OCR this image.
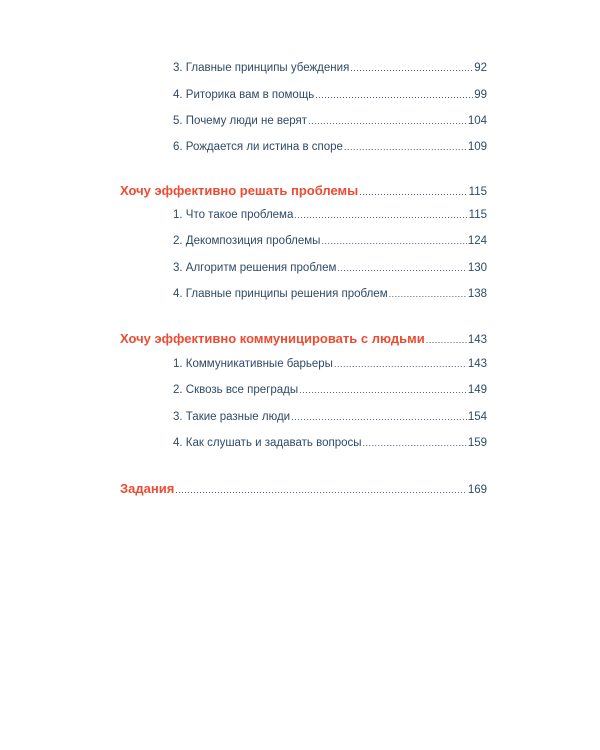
3. Главные принципы убеждения .....	92
4. Риторика вам в помощь .....	99
5. Почему люди не верят .....	104
6. Рождается ли истина в споре .....	109
Хочу эффективно решать проблемы .....	115
1. Что такое проблема .....	115
2. Декомпозиция проблемы .....	124
3. Алгоритм решения проблем .....	130
4. Главные принципы решения проблем .....	138
Хочу эффективно коммуницировать с людьми .....	143
1. Коммуникативные барьеры .....	143
2. Сквозь все преграды .....	149
3. Такие разные люди .....	154
4. Как слушать и задавать вопросы .....	159
Задания .....	169
